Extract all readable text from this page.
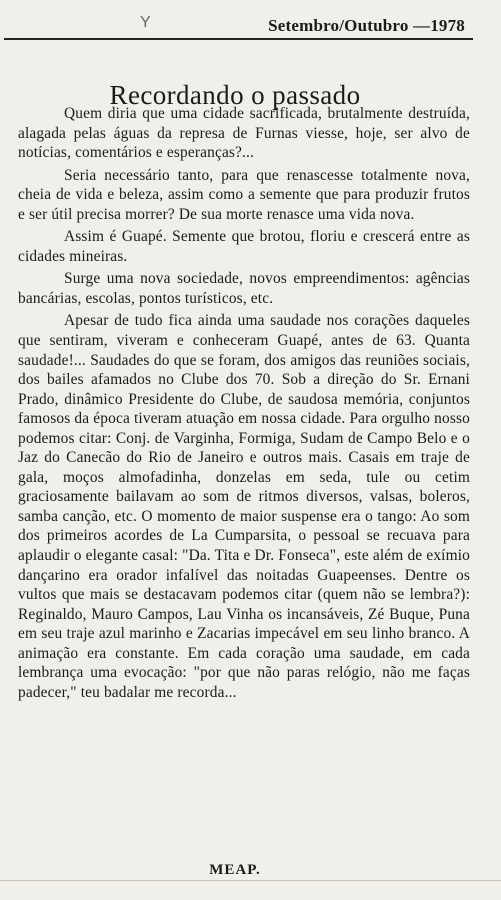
Y	Setembro/Outubro —1978
Recordando o passado

Quem diria que uma cidade sacrificada, brutalmente destruída, alagada pelas águas da represa de Furnas viesse, hoje, ser alvo de notícias, comentários e esperanças?...

Seria necessário tanto, para que renascesse totalmente nova, cheia de vida e beleza, assim como a semente que para produzir frutos e ser útil precisa morrer? De sua morte renasce uma vida nova.

Assim é Guapé. Semente que brotou, floriu e crescerá entre as cidades mineiras.

Surge uma nova sociedade, novos empreendimentos: agências bancárias, escolas, pontos turísticos, etc.

Apesar de tudo fica ainda uma saudade nos corações daqueles que sentiram, viveram e conheceram Guapé, antes de 63. Quanta saudade!... Saudades do que se foram, dos amigos das reuniões sociais, dos bailes afamados no Clube dos 70. Sob a direção do Sr. Ernani Prado, dinâmico Presidente do Clube, de saudosa memória, conjuntos famosos da época tiveram atuação em nossa cidade. Para orgulho nosso podemos citar: Conj. de Varginha, Formiga, Sudam de Campo Belo e o Jaz do Canecão do Rio de Janeiro e outros mais. Casais em traje de gala, moços almofadinha, donzelas em seda, tule ou cetim graciosamente bailavam ao som de ritmos diversos, valsas, boleros, samba canção, etc. O momento de maior suspense era o tango: Ao som dos primeiros acordes de La Cumparsita, o pessoal se recuava para aplaudir o elegante casal: "Da. Tita e Dr. Fonseca", este além de exímio dançarino era orador infalível das noitadas Guapeenses. Dentre os vultos que mais se destacavam podemos citar (quem não se lembra?): Reginaldo, Mauro Campos, Lau Vinha os incansáveis, Zé Buque, Puna em seu traje azul marinho e Zacarias impecável em seu linho branco. A animação era constante. Em cada coração uma saudade, em cada lembrança uma evocação: "por que não paras relógio, não me faças padecer," teu badalar me recorda...

MEAP.
